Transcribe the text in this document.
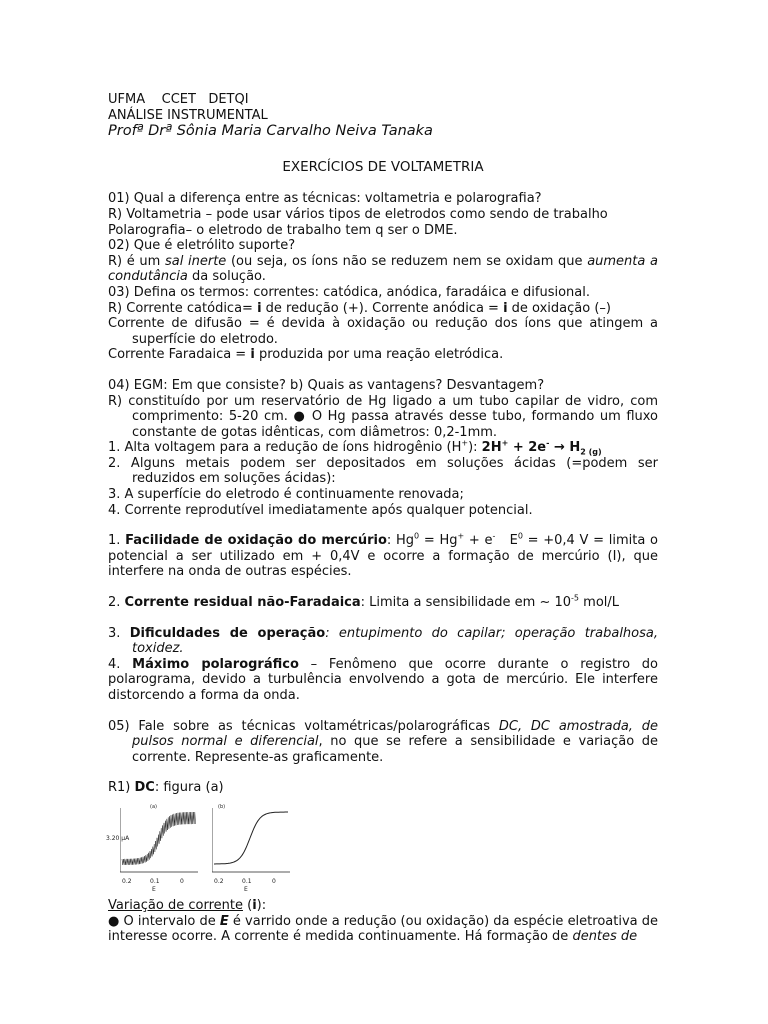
UFMA    CCET   DETQI
ANÁLISE INSTRUMENTAL
Profª Drª Sônia Maria Carvalho Neiva Tanaka
EXERCÍCIOS DE VOLTAMETRIA

01) Qual a diferença entre as técnicas: voltametria e polarografia?

R) Voltametria – pode usar vários tipos de eletrodos como sendo de trabalho

Polarografia– o eletrodo de trabalho tem q ser o DME.

02) Que é eletrólito suporte?

R) é um sal inerte (ou seja, os íons não se reduzem nem se oxidam que aumenta a condutância da solução.

03) Defina os termos: correntes: catódica, anódica, faradáica e difusional.

R) Corrente catódica= i de redução (+). Corrente anódica = i de oxidação (–)

Corrente de difusão = é devida à oxidação ou redução dos íons que atingem a superfície do eletrodo.

Corrente Faradaica = i produzida por uma reação eletródica.

04) EGM: Em que consiste? b) Quais as vantagens? Desvantagem?

R) constituído por um reservatório de Hg ligado a um tubo capilar de vidro, com comprimento: 5-20 cm. ● O Hg passa através desse tubo, formando um fluxo constante de gotas idênticas, com diâmetros: 0,2-1mm.

1. Alta voltagem para a redução de íons hidrogênio (H+): $2H^+ + 2e^- \to H_{2 (g)}$

2. Alguns metais podem ser depositados em soluções ácidas (=podem ser reduzidos em soluções ácidas):

3. A superfície do eletrodo é continuamente renovada;

4. Corrente reprodutível imediatamente após qualquer potencial.

1. Facilidade de oxidação do mercúrio: $Hg^0 = Hg^+ + e^-$   $E^0 = +0,4$ V = limita o potencial a ser utilizado em + 0,4V e ocorre a formação de mercúrio (I), que interfere na onda de outras espécies.

2. Corrente residual não-Faradaica: Limita a sensibilidade em ~ $10^{-5}$ mol/L

3. Dificuldades de operação: entupimento do capilar; operação trabalhosa, toxidez.

4. Máximo polarográfico – Fenômeno que ocorre durante o registro do polarograma, devido a turbulência envolvendo a gota de mercúrio. Ele interfere distorcendo a forma da onda.

05) Fale sobre as técnicas voltamétricas/polarográficas DC, DC amostrada, de pulsos normal e diferencial, no que se refere a sensibilidade e variação de corrente. Represente-as graficamente.

R1) DC: figura (a)

(a)
3.20 μA
0.2	0.1	0
E
(b)
0.2	0.1	0
E

Variação de corrente (i):

● O intervalo de E é varrido onde a redução (ou oxidação) da espécie eletroativa de interesse ocorre. A corrente é medida continuamente. Há formação de dentes de
